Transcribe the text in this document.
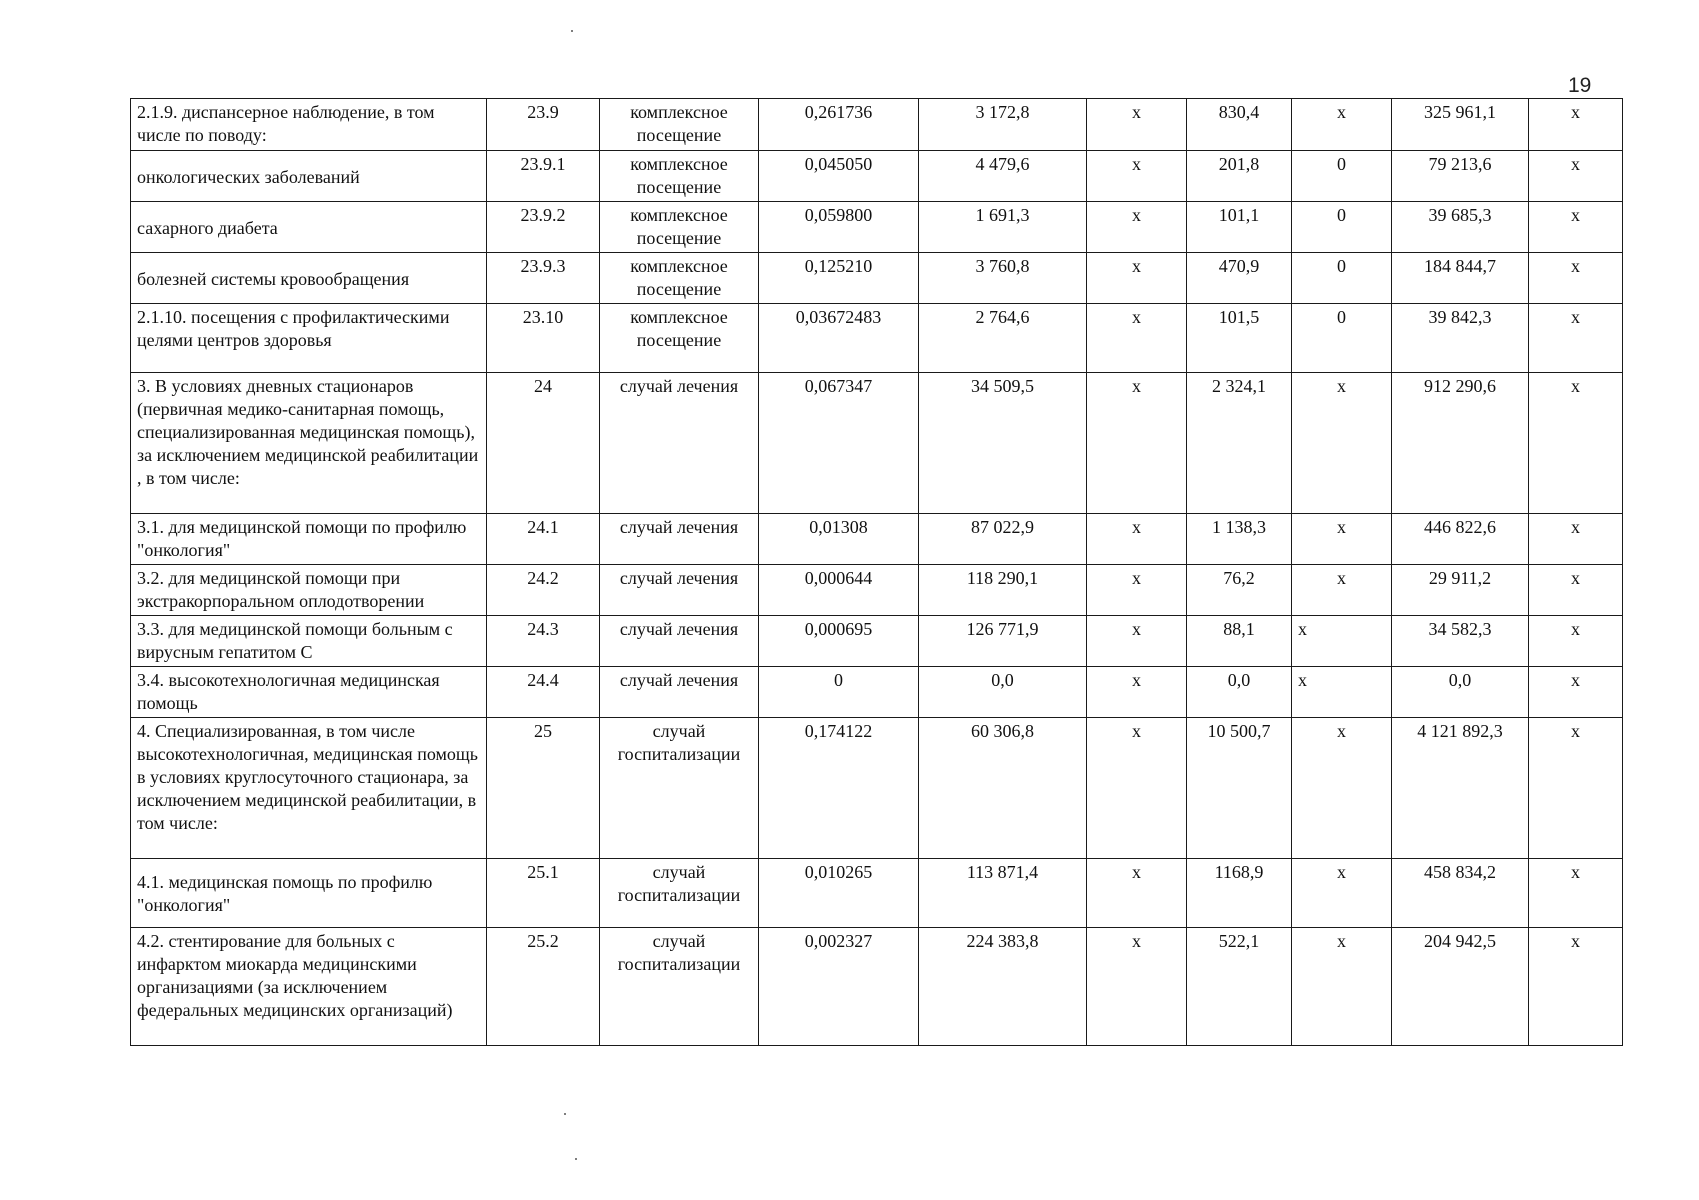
19
2.1.9. диспансерное наблюдение, в том числе по поводу:	23.9	комплексное посещение	0,261736	3 172,8	х	830,4	х	325 961,1	х
онкологических заболеваний	23.9.1	комплексное посещение	0,045050	4 479,6	х	201,8	0	79 213,6	х
сахарного диабета	23.9.2	комплексное посещение	0,059800	1 691,3	х	101,1	0	39 685,3	х
болезней системы кровообращения	23.9.3	комплексное посещение	0,125210	3 760,8	х	470,9	0	184 844,7	х
2.1.10. посещения с профилактическими целями центров здоровья	23.10	комплексное посещение	0,03672483	2 764,6	х	101,5	0	39 842,3	х
3. В условиях дневных стационаров (первичная медико-санитарная помощь, специализированная медицинская помощь), за исключением медицинской реабилитации , в том числе:	24	случай лечения	0,067347	34 509,5	х	2 324,1	х	912 290,6	х
3.1. для медицинской помощи по профилю "онкология"	24.1	случай лечения	0,01308	87 022,9	х	1 138,3	х	446 822,6	х
3.2. для медицинской помощи при экстракорпоральном оплодотворении	24.2	случай лечения	0,000644	118 290,1	х	76,2	х	29 911,2	х
3.3. для медицинской помощи больным с вирусным гепатитом С	24.3	случай лечения	0,000695	126 771,9	х	88,1	х	34 582,3	х
3.4. высокотехнологичная медицинская помощь	24.4	случай лечения	0	0,0	х	0,0	х	0,0	х
4. Специализированная, в том числе высокотехнологичная, медицинская помощь в условиях круглосуточного стационара, за исключением медицинской реабилитации, в том числе:	25	случай госпитализации	0,174122	60 306,8	х	10 500,7	х	4 121 892,3	х
4.1. медицинская помощь по профилю "онкология"	25.1	случай госпитализации	0,010265	113 871,4	х	1168,9	х	458 834,2	х
4.2. стентирование для больных с инфарктом миокарда медицинскими организациями (за исключением федеральных медицинских организаций)	25.2	случай госпитализации	0,002327	224 383,8	х	522,1	х	204 942,5	х
